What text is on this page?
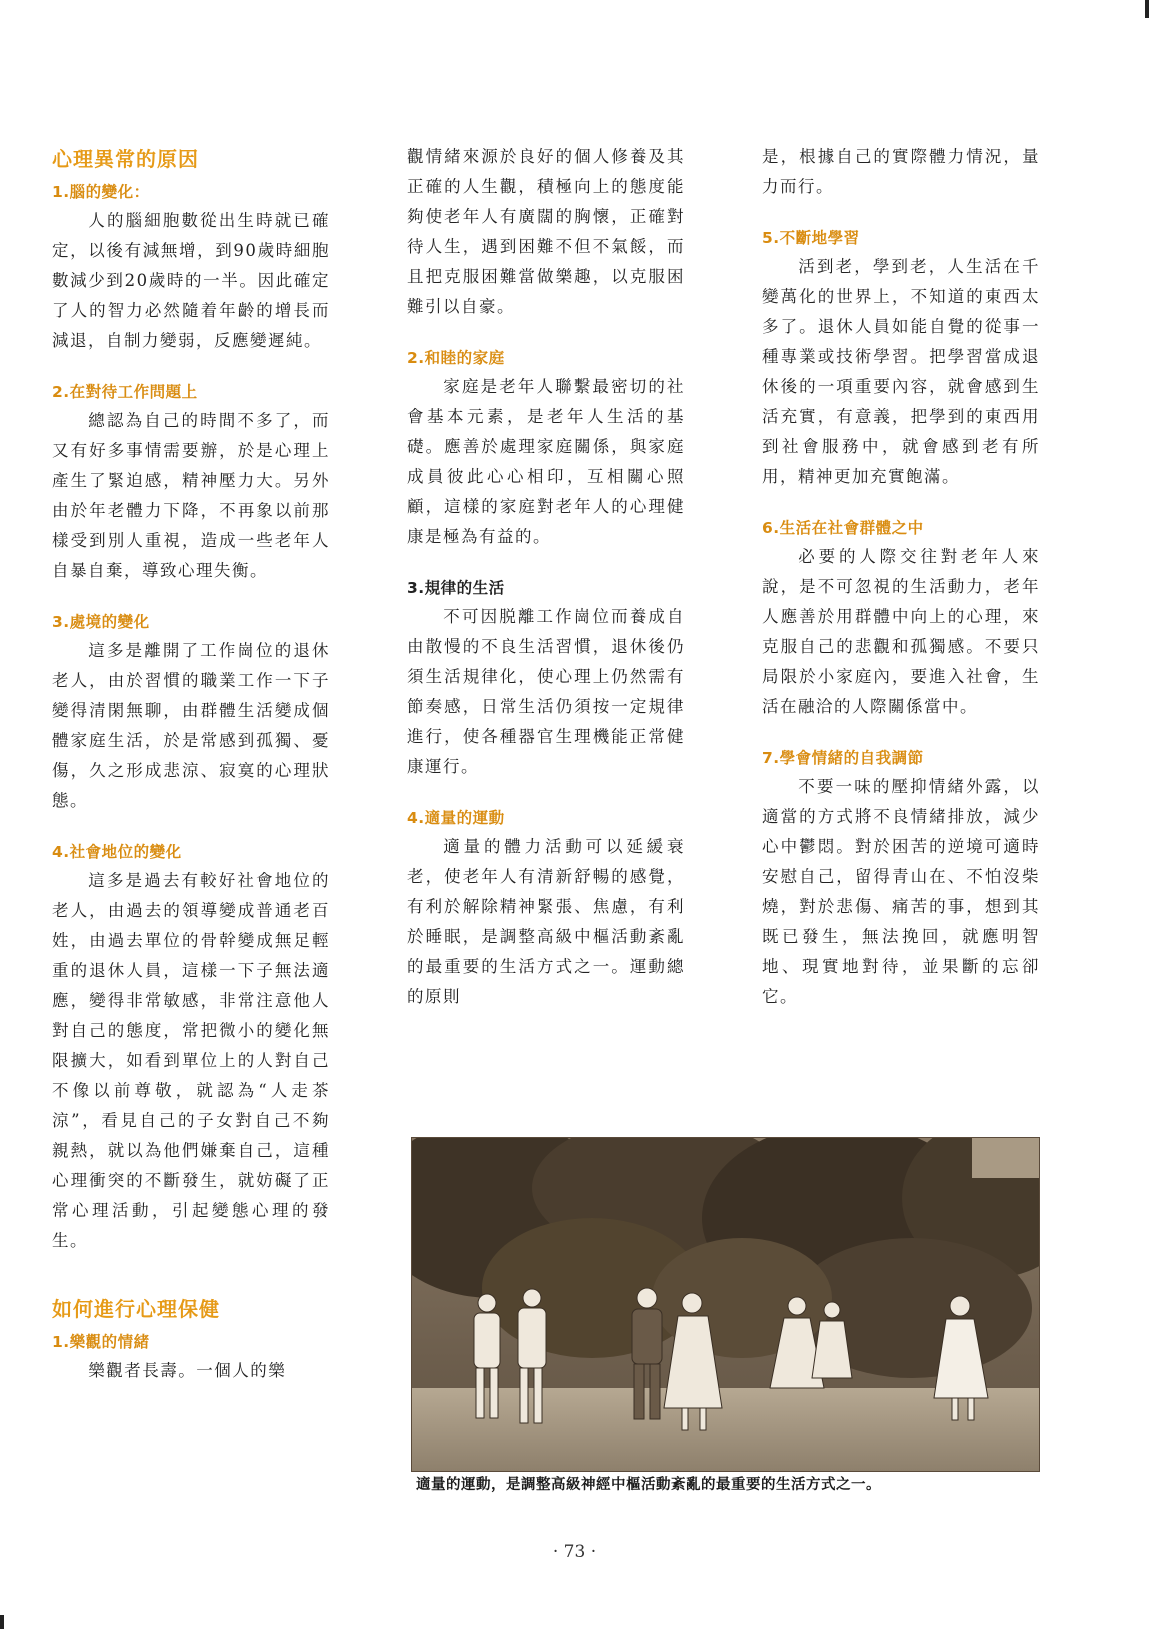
心理異常的原因
1.腦的變化：

人的腦細胞數從出生時就已確定，以後有減無增，到90歲時細胞數減少到20歲時的一半。因此確定了人的智力必然隨着年齡的增長而減退，自制力變弱，反應變遲純。

2.在對待工作問題上

總認為自己的時間不多了，而又有好多事情需要辦，於是心理上產生了緊迫感，精神壓力大。另外由於年老體力下降，不再象以前那樣受到別人重視，造成一些老年人自暴自棄，導致心理失衡。

3.處境的變化

這多是離開了工作崗位的退休老人，由於習慣的職業工作一下子變得清閑無聊，由群體生活變成個體家庭生活，於是常感到孤獨、憂傷，久之形成悲涼、寂寞的心理狀態。

4.社會地位的變化

這多是過去有較好社會地位的老人，由過去的領導變成普通老百姓，由過去單位的骨幹變成無足輕重的退休人員，這樣一下子無法適應，變得非常敏感，非常注意他人對自己的態度，常把微小的變化無限擴大，如看到單位上的人對自己不像以前尊敬，就認為“人走茶涼”，看見自己的子女對自己不夠親熱，就以為他們嫌棄自己，這種心理衝突的不斷發生，就妨礙了正常心理活動，引起變態心理的發生。

如何進行心理保健
1.樂觀的情緒

樂觀者長壽。一個人的樂

觀情緒來源於良好的個人修養及其正確的人生觀，積極向上的態度能夠使老年人有廣闊的胸懷，正確對待人生，遇到困難不但不氣餒，而且把克服困難當做樂趣，以克服困難引以自豪。

2.和睦的家庭

家庭是老年人聯繫最密切的社會基本元素，是老年人生活的基礎。應善於處理家庭關係，與家庭成員彼此心心相印，互相關心照顧，這樣的家庭對老年人的心理健康是極為有益的。

3.規律的生活

不可因脱離工作崗位而養成自由散慢的不良生活習慣，退休後仍須生活規律化，使心理上仍然需有節奏感，日常生活仍須按一定規律進行，使各種器官生理機能正常健康運行。

4.適量的運動

適量的體力活動可以延緩衰老，使老年人有清新舒暢的感覺，有利於解除精神緊張、焦慮，有利於睡眠，是調整高級中樞活動紊亂的最重要的生活方式之一。運動總的原則

是，根據自己的實際體力情況，量力而行。

5.不斷地學習

活到老，學到老，人生活在千變萬化的世界上，不知道的東西太多了。退休人員如能自覺的從事一種專業或技術學習。把學習當成退休後的一項重要內容，就會感到生活充實，有意義，把學到的東西用到社會服務中，就會感到老有所用，精神更加充實飽滿。

6.生活在社會群體之中

必要的人際交往對老年人來說，是不可忽視的生活動力，老年人應善於用群體中向上的心理，來克服自己的悲觀和孤獨感。不要只局限於小家庭內，要進入社會，生活在融洽的人際關係當中。

7.學會情緒的自我調節

不要一味的壓抑情緒外露，以適當的方式將不良情緒排放，減少心中鬱悶。對於困苦的逆境可適時安慰自己，留得青山在、不怕沒柴燒，對於悲傷、痛苦的事，想到其既已發生，無法挽回，就應明智地、現實地對待，並果斷的忘卻它。

適量的運動，是調整高級神經中樞活動紊亂的最重要的生活方式之一。
· 73 ·
